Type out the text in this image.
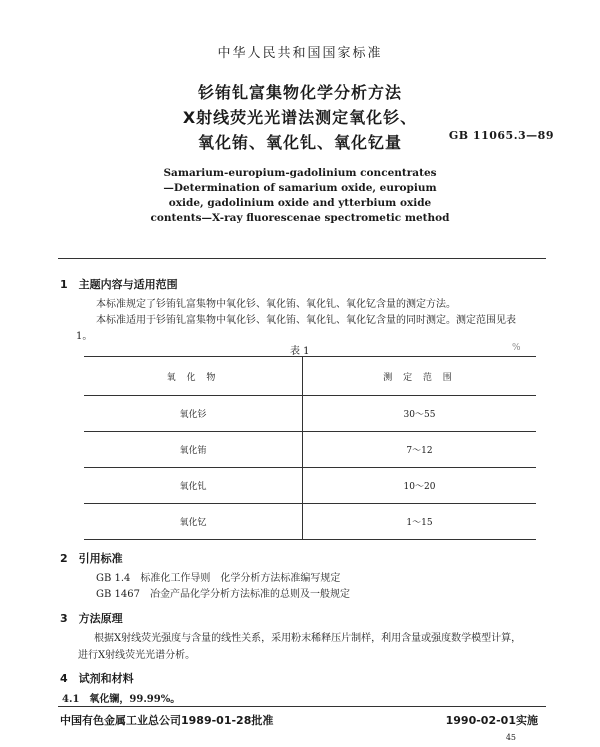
中华人民共和国国家标准
钐铕钆富集物化学分析方法
X射线荧光光谱法测定氧化钐、
氧化铕、氧化钆、氧化钇量	GB 11065.3—89
Samarium-europium-gadolinium concentrates
—Determination of samarium oxide, europium
oxide, gadolinium oxide and ytterbium oxide
contents—X-ray fluorescenae spectrometic method
1　主题内容与适用范围
本标准规定了钐铕钆富集物中氧化钐、氧化铕、氧化钆、氧化钇含量的测定方法。
本标准适用于钐铕钆富集物中氧化钐、氧化铕、氧化钆、氧化钇含量的同时测定。测定范围见表
1。
表 1	%
氧 化 物	测 定 范 围
氧化钐	30～55
氧化铕	7～12
氧化钆	10～20
氧化钇	1～15
2　引用标准
GB 1.4　标准化工作导则　化学分析方法标准编写规定
GB 1467　冶金产品化学分析方法标准的总则及一般规定
3　方法原理
根据X射线荧光强度与含量的线性关系，采用粉末稀释压片制样，利用含量或强度数学模型计算，
进行X射线荧光光谱分析。
4　试剂和材料
4.1　氧化镧，99.99%。
中国有色金属工业总公司1989-01-28批准	1990-02-01实施
45
